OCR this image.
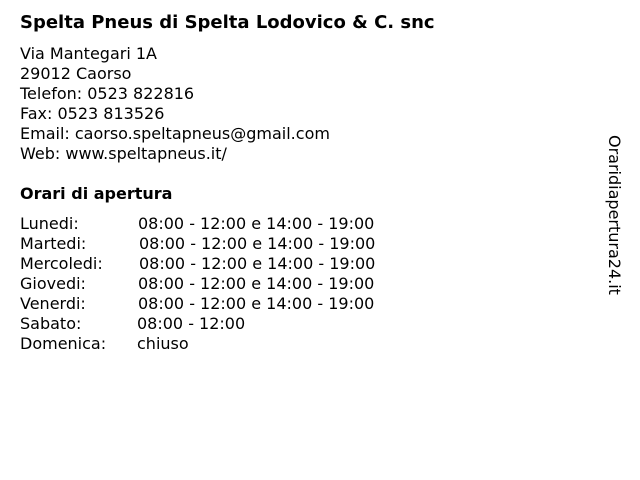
Spelta Pneus di Spelta Lodovico & C. snc
Via Mantegari 1A
29012 Caorso
Telefon: 0523 822816
Fax: 0523 813526
Email: caorso.speltapneus@gmail.com
Web: www.speltapneus.it/
Orari di apertura
Lunedi:	08:00 - 12:00 e 14:00 - 19:00
Martedi:	08:00 - 12:00 e 14:00 - 19:00
Mercoledi: 08:00 - 12:00 e 14:00 - 19:00
Giovedi:	08:00 - 12:00 e 14:00 - 19:00
Venerdi:	08:00 - 12:00 e 14:00 - 19:00
Sabato:	08:00 - 12:00
Domenica: chiuso
Oraridiapertura24.it
